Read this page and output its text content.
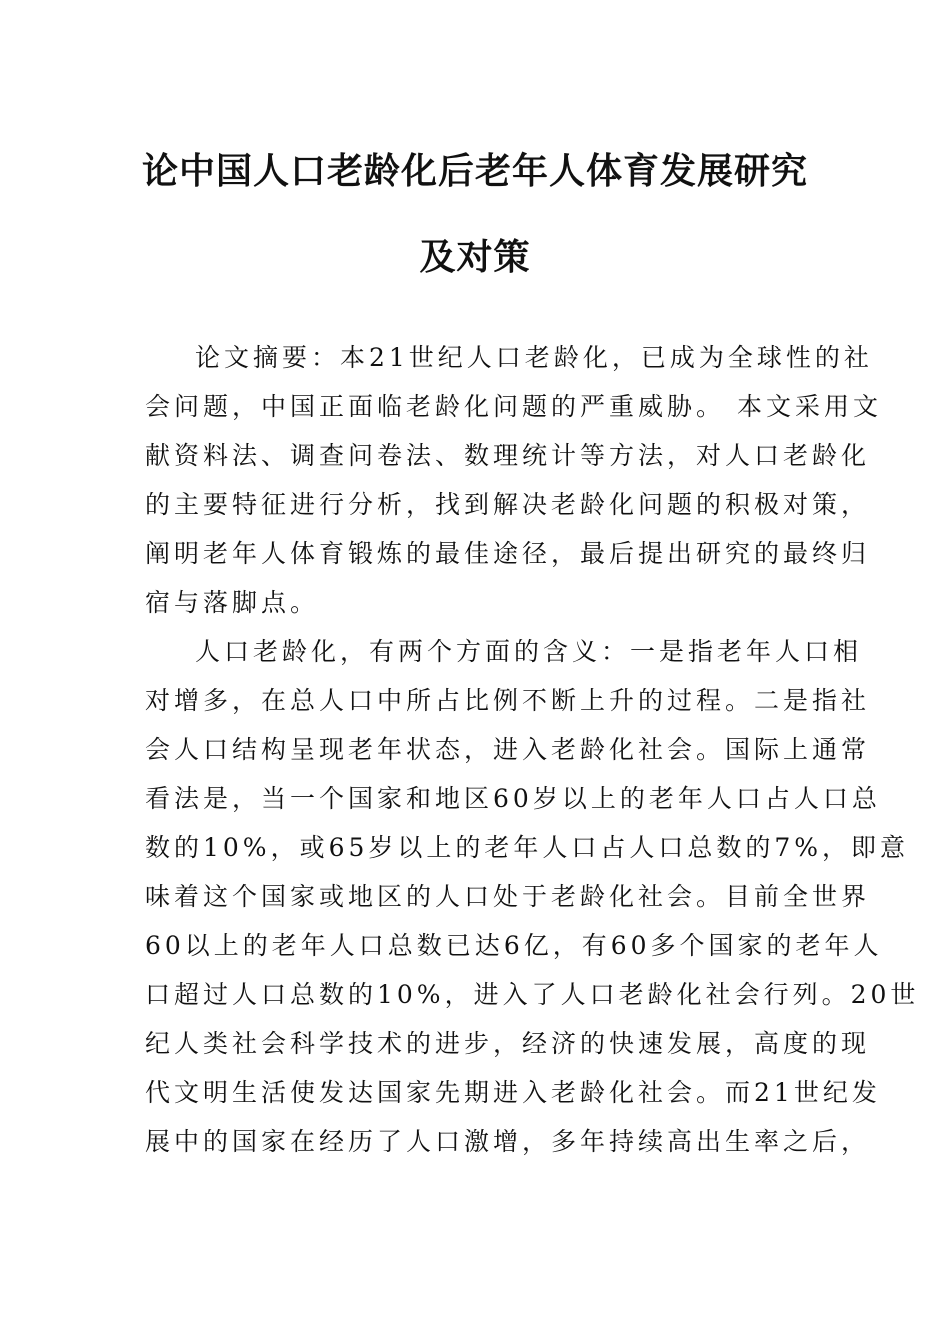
论中国人口老龄化后老年人体育发展研究
及对策
论文摘要：本21世纪人口老龄化，已成为全球性的社
会问题，中国正面临老龄化问题的严重威胁。 本文采用文
献资料法、调查问卷法、数理统计等方法，对人口老龄化
的主要特征进行分析，找到解决老龄化问题的积极对策，
阐明老年人体育锻炼的最佳途径，最后提出研究的最终归
宿与落脚点。
人口老龄化，有两个方面的含义：一是指老年人口相
对增多，在总人口中所占比例不断上升的过程。二是指社
会人口结构呈现老年状态，进入老龄化社会。国际上通常
看法是，当一个国家和地区60岁以上的老年人口占人口总
数的10%，或65岁以上的老年人口占人口总数的7%，即意
味着这个国家或地区的人口处于老龄化社会。目前全世界
60以上的老年人口总数已达6亿，有60多个国家的老年人
口超过人口总数的10%，进入了人口老龄化社会行列。20世
纪人类社会科学技术的进步，经济的快速发展，高度的现
代文明生活使发达国家先期进入老龄化社会。而21世纪发
展中的国家在经历了人口激增，多年持续高出生率之后，
